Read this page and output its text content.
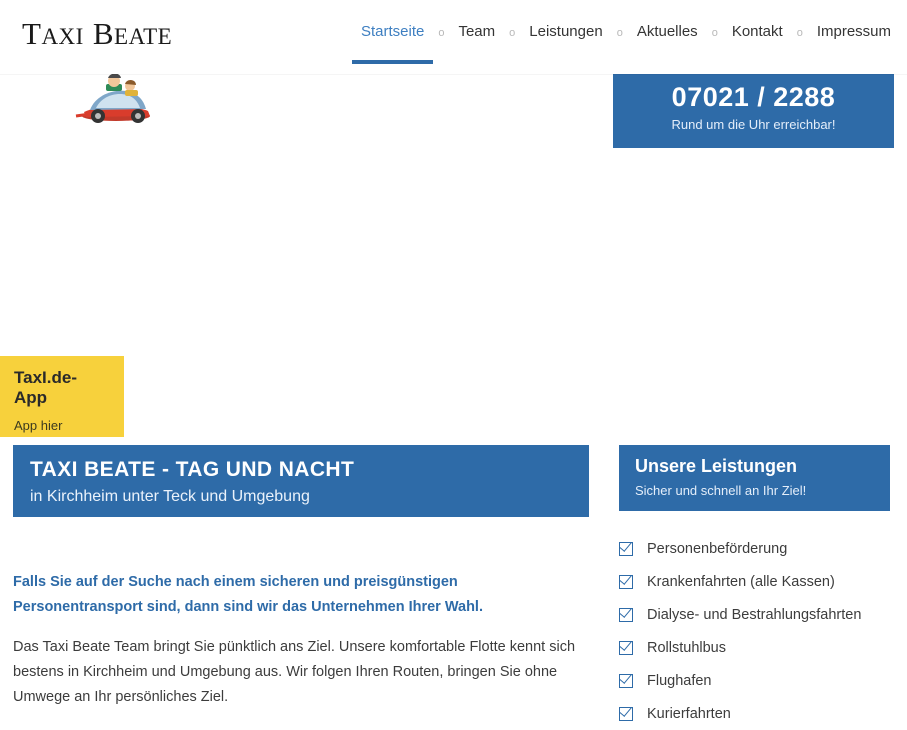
TAXI BEATE	Startseite	o Team	o Leistungen	o Aktuelles	o Kontakt	o Impressum
07021 / 2288
Rund um die Uhr erreichbar!
TaxI.de-App
App hier
TAXI BEATE - TAG UND NACHT
in Kirchheim unter Teck und Umgebung

Falls Sie auf der Suche nach einem sicheren und preisgünstigen Personentransport sind, dann sind wir das Unternehmen Ihrer Wahl.

Das Taxi Beate Team bringt Sie pünktlich ans Ziel. Unsere komfortable Flotte kennt sich bestens in Kirchheim und Umgebung aus. Wir folgen Ihren Routen, bringen Sie ohne Umwege an Ihr persönliches Ziel.

Unsere Leistungen
Sicher und schnell an Ihr Ziel!
Personenbeförderung
Krankenfahrten (alle Kassen)
Dialyse- und Bestrahlungsfahrten
Rollstuhlbus
Flughafen
Kurierfahrten
